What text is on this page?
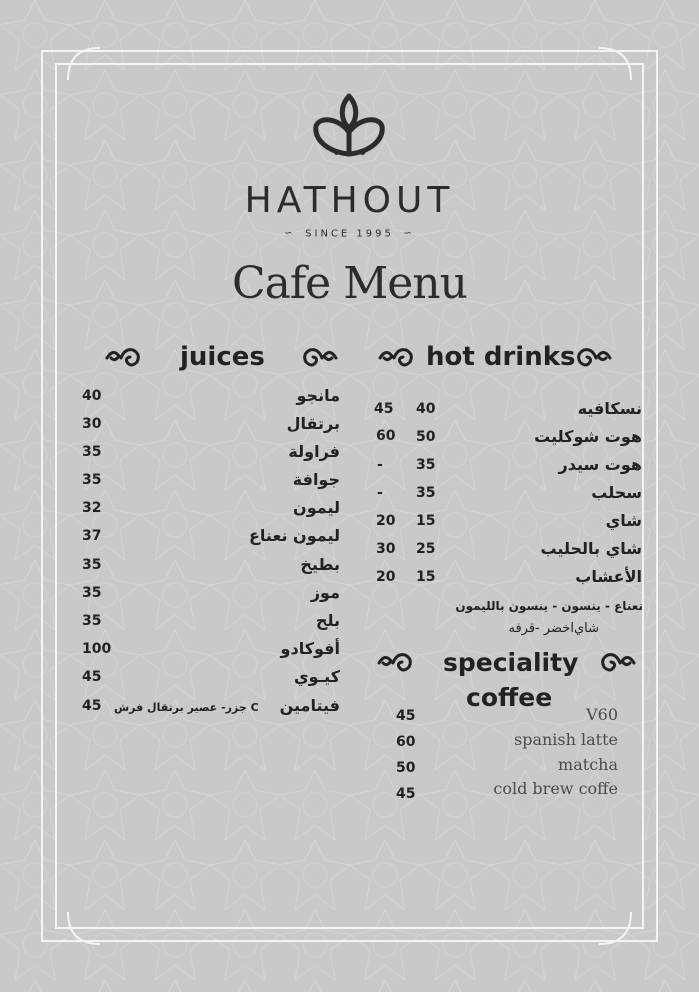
HATHOUT
∽ SINCE 1995 ∽
Cafe Menu
juices
40	مانجو
30	برتقال
35	فراولة
35	جوافة
32	ليمون
37	ليمون نعناع
35	بطيخ
35	موز
35	بلح
100	أفوكادو
45	كيـوي
45 C جزر- عصير برتقال فرش فيتامين
hot drinks
45 40	نسكافيه
60 50	هوت شوكليت
- 35	هوت سيدر
- 35	سحلب
20 15	شاي
30 25	شاي بالحليب
20 15	الأعشاب
نعناع - ينسون - ينسون بالليمون
شاي‌اخضر -قرفه
speciality
coffee
45	V60
60	spanish latte
50	matcha
45	cold brew coffe
